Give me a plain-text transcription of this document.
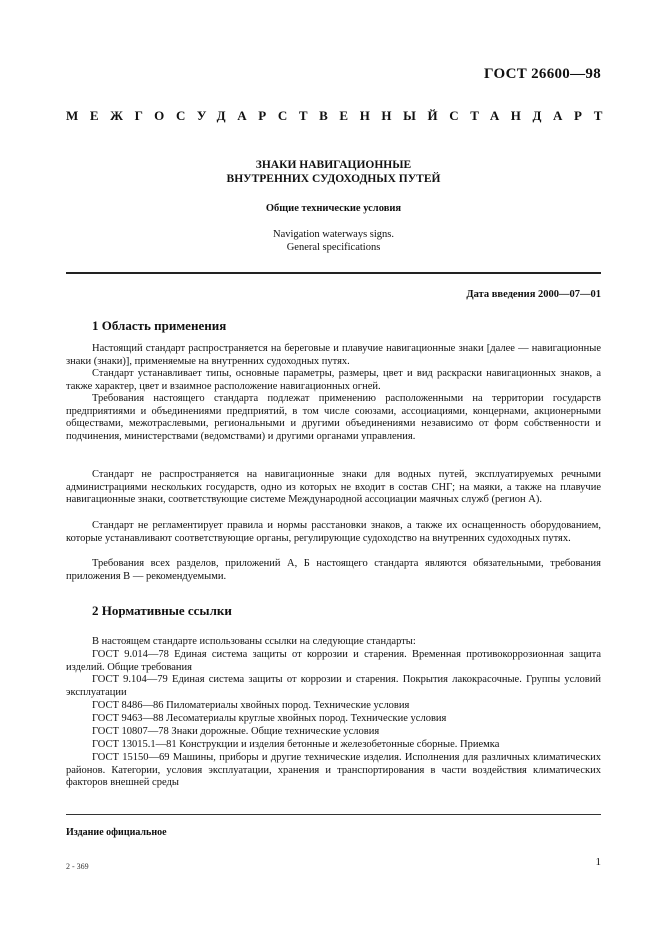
ГОСТ 26600—98
МЕЖГОСУДАРСТВЕННЫЙ СТАНДАРТ
ЗНАКИ НАВИГАЦИОННЫЕ
ВНУТРЕННИХ СУДОХОДНЫХ ПУТЕЙ
Общие технические условия
Navigation waterways signs.
General specifications
Дата введения 2000—07—01
1 Область применения
Настоящий стандарт распространяется на береговые и плавучие навигационные знаки [далее — навигационные знаки (знаки)], применяемые на внутренних судоходных путях.
Стандарт устанавливает типы, основные параметры, размеры, цвет и вид раскраски навигационных знаков, а также характер, цвет и взаимное расположение навигационных огней.
Требования настоящего стандарта подлежат применению расположенными на территории государств предприятиями и объединениями предприятий, в том числе союзами, ассоциациями, концернами, акционерными обществами, межотраслевыми, региональными и другими объединениями независимо от форм собственности и подчинения, министерствами (ведомствами) и другими органами управления.
Стандарт не распространяется на навигационные знаки для водных путей, эксплуатируемых речными администрациями нескольких государств, одно из которых не входит в состав СНГ; на маяки, а также на плавучие навигационные знаки, соответствующие системе Международной ассоциации маячных служб (регион А).
Стандарт не регламентирует правила и нормы расстановки знаков, а также их оснащенность оборудованием, которые устанавливают соответствующие органы, регулирующие судоходство на внутренних судоходных путях.
Требования всех разделов, приложений А, Б настоящего стандарта являются обязательными, требования приложения В — рекомендуемыми.
2 Нормативные ссылки
В настоящем стандарте использованы ссылки на следующие стандарты:
ГОСТ 9.014—78 Единая система защиты от коррозии и старения. Временная противокоррозионная защита изделий. Общие требования
ГОСТ 9.104—79 Единая система защиты от коррозии и старения. Покрытия лакокрасочные. Группы условий эксплуатации
ГОСТ 8486—86 Пиломатериалы хвойных пород. Технические условия
ГОСТ 9463—88 Лесоматериалы круглые хвойных пород. Технические условия
ГОСТ 10807—78 Знаки дорожные. Общие технические условия
ГОСТ 13015.1—81 Конструкции и изделия бетонные и железобетонные сборные. Приемка
ГОСТ 15150—69 Машины, приборы и другие технические изделия. Исполнения для различных климатических районов. Категории, условия эксплуатации, хранения и транспортирования в части воздействия климатических факторов внешней среды
Издание официальное
2 - 369	1
